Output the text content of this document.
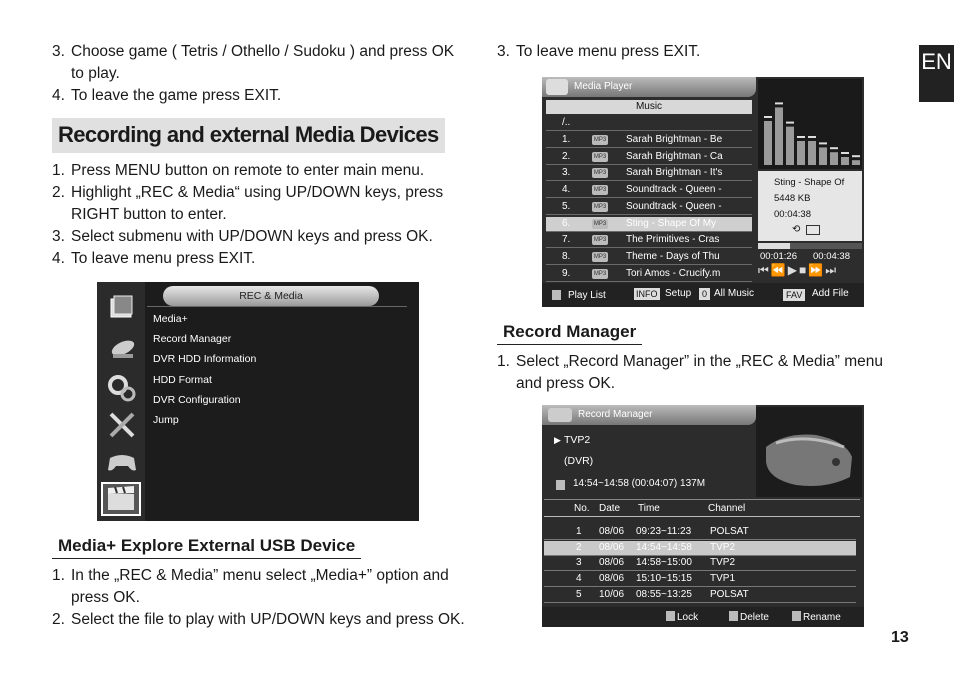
EN
13
3. Choose game ( Tetris / Othello / Sudoku ) and press OK to play.
4. To leave the game press EXIT.
Recording and external Media Devices
1. Press MENU button on remote to enter main menu.
2. Highlight „REC & Media“ using UP/DOWN keys, press RIGHT button to enter.
3. Select submenu with UP/DOWN keys and press OK.
4. To leave menu press EXIT.
REC & Media
Media+
Record Manager
DVR HDD Information
HDD Format
DVR Configuration
Jump
Media+ Explore External USB Device
1. In the „REC & Media” menu select „Media+” option and press OK.
2. Select the file to play with UP/DOWN keys and press OK.
3. To leave menu press EXIT.
Media Player
Music
/..
1.	MP3 Sarah Brightman - Be
2.	MP3 Sarah Brightman - Ca
3.	MP3 Sarah Brightman - It's
4.	MP3 Soundtrack - Queen -
5.	MP3 Soundtrack - Queen -
6.	MP3 Sting - Shape Of My
7.	MP3 The Primitives - Cras
8.	MP3 Theme - Days of Thu
9.	MP3 Tori Amos - Crucify.m
Sting - Shape Of
5448 KB
00:04:38
⟲
00:01:26 00:04:38
⏮⏪▶■⏩⏭
Play List	INFO Setup	0 All Music	FAV Add File
Record Manager
1. Select „Record Manager” in the „REC & Media” menu and press OK.
Record Manager
▶ TVP2
(DVR)
14:54~14:58 (00:04:07) 137M
No. Date Time	Channel
1 08/06 09:23~11:23 POLSAT
2 08/06 14:54~14:58 TVP2
3 08/06 14:58~15:00 TVP2
4 08/06 15:10~15:15 TVP1
5 10/06 08:55~13:25 POLSAT
Lock	Delete	Rename
